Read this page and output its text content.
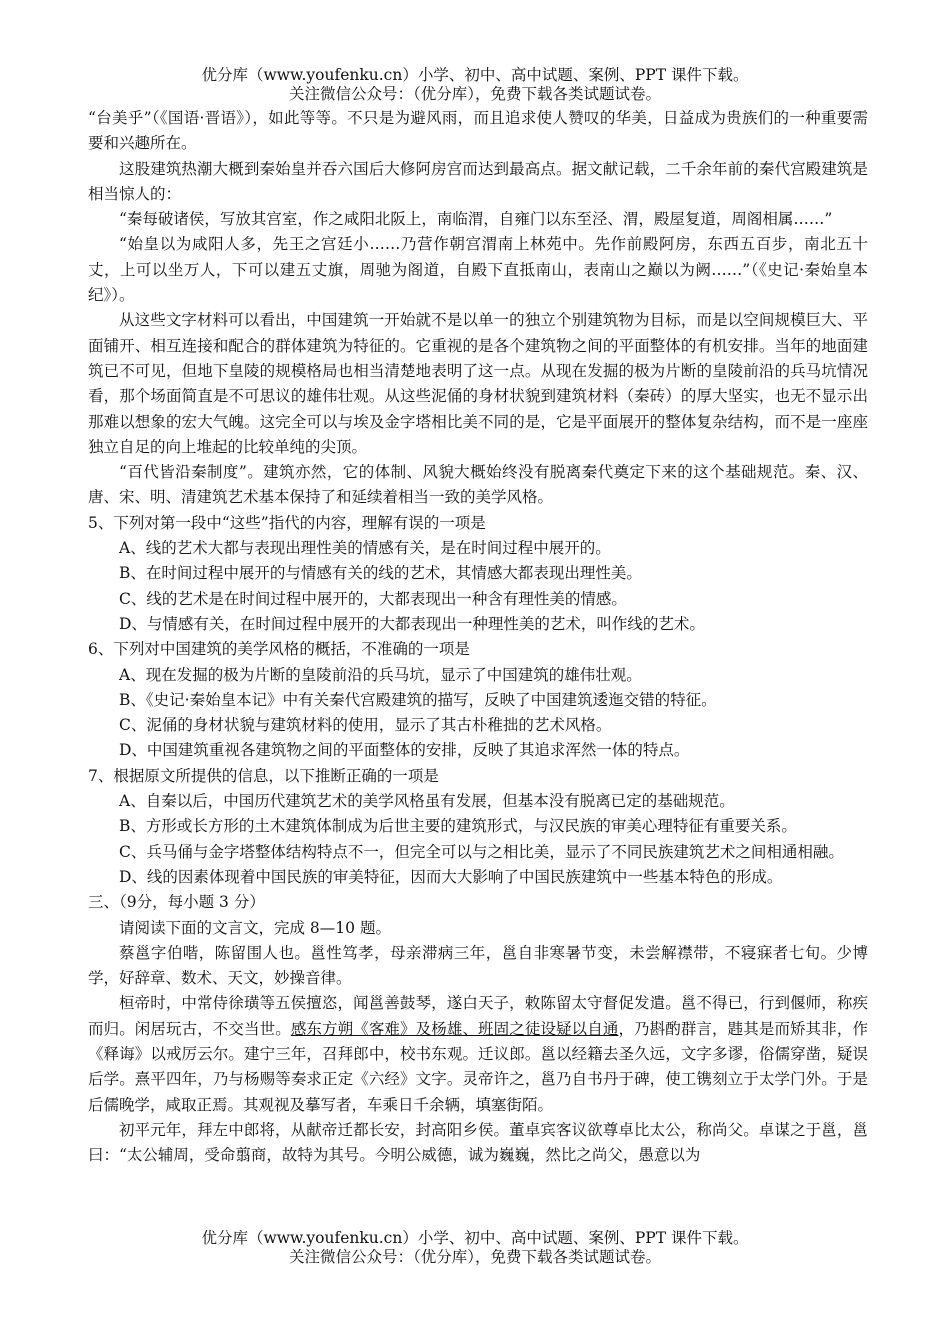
优分库（www.youfenku.cn）小学、初中、高中试题、案例、PPT 课件下载。
关注微信公众号：（优分库），免费下载各类试题试卷。

“台美乎”（《国语·晋语》），如此等等。不只是为避风雨，而且追求使人赞叹的华美，日益成为贵族们的一种重要需要和兴趣所在。

这股建筑热潮大概到秦始皇并吞六国后大修阿房宫而达到最高点。据文献记载，二千余年前的秦代宫殿建筑是相当惊人的：

“秦每破诸侯，写放其宫室，作之咸阳北阪上，南临渭，自雍门以东至泾、渭，殿屋复道，周阁相属……”

“始皇以为咸阳人多，先王之宫廷小……乃营作朝宫渭南上林苑中。先作前殿阿房，东西五百步，南北五十丈，上可以坐万人，下可以建五丈旗，周驰为阁道，自殿下直抵南山，表南山之巅以为阙……”（《史记·秦始皇本纪》）。

从这些文字材料可以看出，中国建筑一开始就不是以单一的独立个别建筑物为目标，而是以空间规模巨大、平面铺开、相互连接和配合的群体建筑为特征的。它重视的是各个建筑物之间的平面整体的有机安排。当年的地面建筑已不可见，但地下皇陵的规模格局也相当清楚地表明了这一点。从现在发掘的极为片断的皇陵前沿的兵马坑情况看，那个场面简直是不可思议的雄伟壮观。从这些泥俑的身材状貌到建筑材料（秦砖）的厚大坚实，也无不显示出那难以想象的宏大气魄。这完全可以与埃及金字塔相比美不同的是，它是平面展开的整体复杂结构，而不是一座座独立自足的向上堆起的比较单纯的尖顶。

“百代皆沿秦制度”。建筑亦然，它的体制、风貌大概始终没有脱离秦代奠定下来的这个基础规范。秦、汉、唐、宋、明、清建筑艺术基本保持了和延续着相当一致的美学风格。

5、下列对第一段中“这些”指代的内容，理解有误的一项是

A、线的艺术大都与表现出理性美的情感有关，是在时间过程中展开的。

B、在时间过程中展开的与情感有关的线的艺术，其情感大都表现出理性美。

C、线的艺术是在时间过程中展开的，大都表现出一种含有理性美的情感。

D、与情感有关，在时间过程中展开的大都表现出一种理性美的艺术，叫作线的艺术。

6、下列对中国建筑的美学风格的概括，不准确的一项是

A、现在发掘的极为片断的皇陵前沿的兵马坑，显示了中国建筑的雄伟壮观。

B、《史记·秦始皇本记》中有关秦代宫殿建筑的描写，反映了中国建筑逶迤交错的特征。

C、泥俑的身材状貌与建筑材料的使用，显示了其古朴稚拙的艺术风格。

D、中国建筑重视各建筑物之间的平面整体的安排，反映了其追求浑然一体的特点。

7、根据原文所提供的信息，以下推断正确的一项是

A、自秦以后，中国历代建筑艺术的美学风格虽有发展，但基本没有脱离已定的基础规范。

B、方形或长方形的土木建筑体制成为后世主要的建筑形式，与汉民族的审美心理特征有重要关系。

C、兵马俑与金字塔整体结构特点不一，但完全可以与之相比美，显示了不同民族建筑艺术之间相通相融。

D、线的因素体现着中国民族的审美特征，因而大大影响了中国民族建筑中一些基本特色的形成。

三、（9分，每小题 3 分）

请阅读下面的文言文，完成 8—10 题。

蔡邕字伯喈，陈留围人也。邕性笃孝，母亲滞病三年，邕自非寒暑节变，未尝解襟带，不寝寐者七旬。少博学，好辞章、数术、天文，妙操音律。

桓帝时，中常侍徐璜等五侯擅恣，闻邕善鼓琴，遂白天子，敕陈留太守督促发遣。邕不得已，行到偃师，称疾而归。闲居玩古，不交当世。感东方朔《客难》及杨雄、班固之徒设疑以自通，乃斟酌群言，韪其是而矫其非，作《释诲》以戒厉云尔。建宁三年，召拜郎中，校书东观。迁议郎。邕以经籍去圣久远，文字多谬，俗儒穿凿，疑误后学。熹平四年，乃与杨赐等奏求正定《六经》文字。灵帝许之，邕乃自书丹于碑，使工镌刻立于太学门外。于是后儒晚学，咸取正焉。其观视及摹写者，车乘日千余辆，填塞街陌。

初平元年，拜左中郎将，从献帝迁都长安，封高阳乡侯。董卓宾客议欲尊卓比太公，称尚父。卓谋之于邕，邕曰：“太公辅周，受命翦商，故特为其号。今明公威德，诚为巍巍，然比之尚父，愚意以为

优分库（www.youfenku.cn）小学、初中、高中试题、案例、PPT 课件下载。
关注微信公众号：（优分库），免费下载各类试题试卷。
